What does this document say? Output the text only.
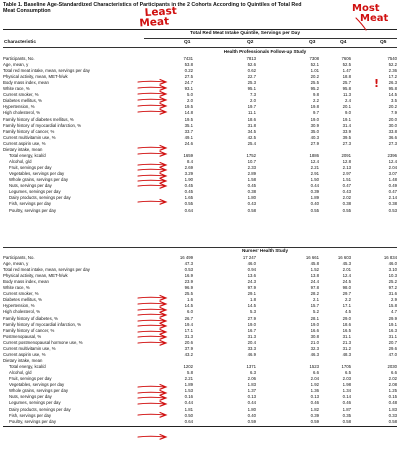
Table 1. Baseline Age-Standardized Characteristics of Participants in the 2 Cohorts According to Quintiles of Total Red Meat Consumption	Least
Meat
Most
Meat
!
Total Red Meat Intake Quintile, Servings per Day
Characteristic	Q1	Q2	Q3	Q4	Q5
Health Professionals Follow-up Study
Participants, No.	7431	7813	7308	7606	7540
Age, mean, y	53.8	52.6	52.1	52.5	52.2
Total red meat intake, mean, servings per day	0.22	0.62	1.01	1.47	2.36
Physical activity, mean, MET-h/wk	27.5	22.7	20.2	18.8	17.2
Body mass index, mean	24.7	25.3	25.5	25.7	26.3
White race, %	93.1	95.1	95.2	95.8	95.8
Current smoker, %	5.0	7.3	9.8	11.3	14.5
Diabetes mellitus, %	2.0	2.0	2.2	2.4	3.5
Hypertension, %	19.5	19.7	19.8	20.1	20.2
High cholesterol, %	14.8	11.1	9.7	9.0	7.9
Family history of diabetes mellitus, %	19.5	18.6	19.0	19.1	20.0
Family history of myocardial infarction, %	35.1	31.8	30.9	31.4	30.0
Family history of cancer, %	33.7	34.5	35.0	33.9	33.8
Current multivitamin use, %	49.1	42.5	40.3	39.5	36.6
Current aspirin use, %	24.6	25.4	27.9	27.3	27.3
Dietary intake, mean
Total energy, kcal/d	1659	1752	1886	2091	2396
Alcohol, g/d	8.4	10.7	12.4	12.8	12.4
Fruit, servings per day	2.69	2.33	2.21	2.13	2.04
Vegetables, servings per day	3.29	2.89	2.91	2.97	3.07
Whole grains, servings per day	1.90	1.58	1.50	1.51	1.48
Nuts, servings per day	0.45	0.45	0.44	0.47	0.49
Legumes, servings per day	0.45	0.38	0.39	0.43	0.47
Dairy products, servings per day	1.65	1.80	1.89	2.02	2.14
Fish, servings per day	0.55	0.43	0.40	0.38	0.38
Poultry, servings per day	0.64	0.58	0.55	0.55	0.53
Nurses' Health Study
Participants, No.	16 499	17 247	16 661	16 603	16 834
Age, mean, y	47.3	46.0	45.8	45.3	46.0
Total red meat intake, mean, servings per day	0.53	0.94	1.52	2.01	3.10
Physical activity, mean, MET-h/wk	16.9	13.6	13.8	12.4	10.3
Body mass index, mean	23.9	24.3	24.4	24.5	25.2
White race, %	96.9	97.9	97.8	98.0	97.2
Current smoker, %	25.5	29.1	28.2	29.7	31.6
Diabetes mellitus, %	1.6	1.8	2.1	2.2	2.9
Hypertension, %	14.5	14.5	15.7	17.1	15.8
High cholesterol, %	6.0	5.3	5.2	4.5	4.7
Family history of diabetes, %	26.7	27.9	28.1	29.0	29.9
Family history of myocardial infarction, %	19.4	19.0	19.0	18.6	19.1
Family history of cancer, %	17.1	16.7	16.6	16.5	16.3
Postmenopausal, %	31.3	31.3	30.8	31.1	31.1
Current postmenopausal hormone use, %	20.6	20.4	21.0	21.3	20.7
Current multivitamin use, %	37.9	33.3	32.3	31.2	29.6
Current aspirin use, %	43.2	46.9	46.3	48.3	47.0
Dietary intake, mean
Total energy, kcal/d	1202	1371	1523	1705	2030
Alcohol, g/d	5.8	6.3	6.6	6.5	6.6
Fruit, servings per day	2.21	2.06	2.04	2.03	2.02
Vegetables, servings per day	1.89	1.83	1.92	1.98	2.08
Whole grains, servings per day	1.53	1.37	1.36	1.34	1.25
Nuts, servings per day	0.16	0.13	0.13	0.14	0.15
Legumes, servings per day	0.44	0.44	0.46	0.46	0.48
Dairy products, servings per day	1.81	1.80	1.82	1.87	1.83
Fish, servings per day	0.50	0.40	0.39	0.35	0.33
Poultry, servings per day	0.64	0.59	0.59	0.58	0.58
